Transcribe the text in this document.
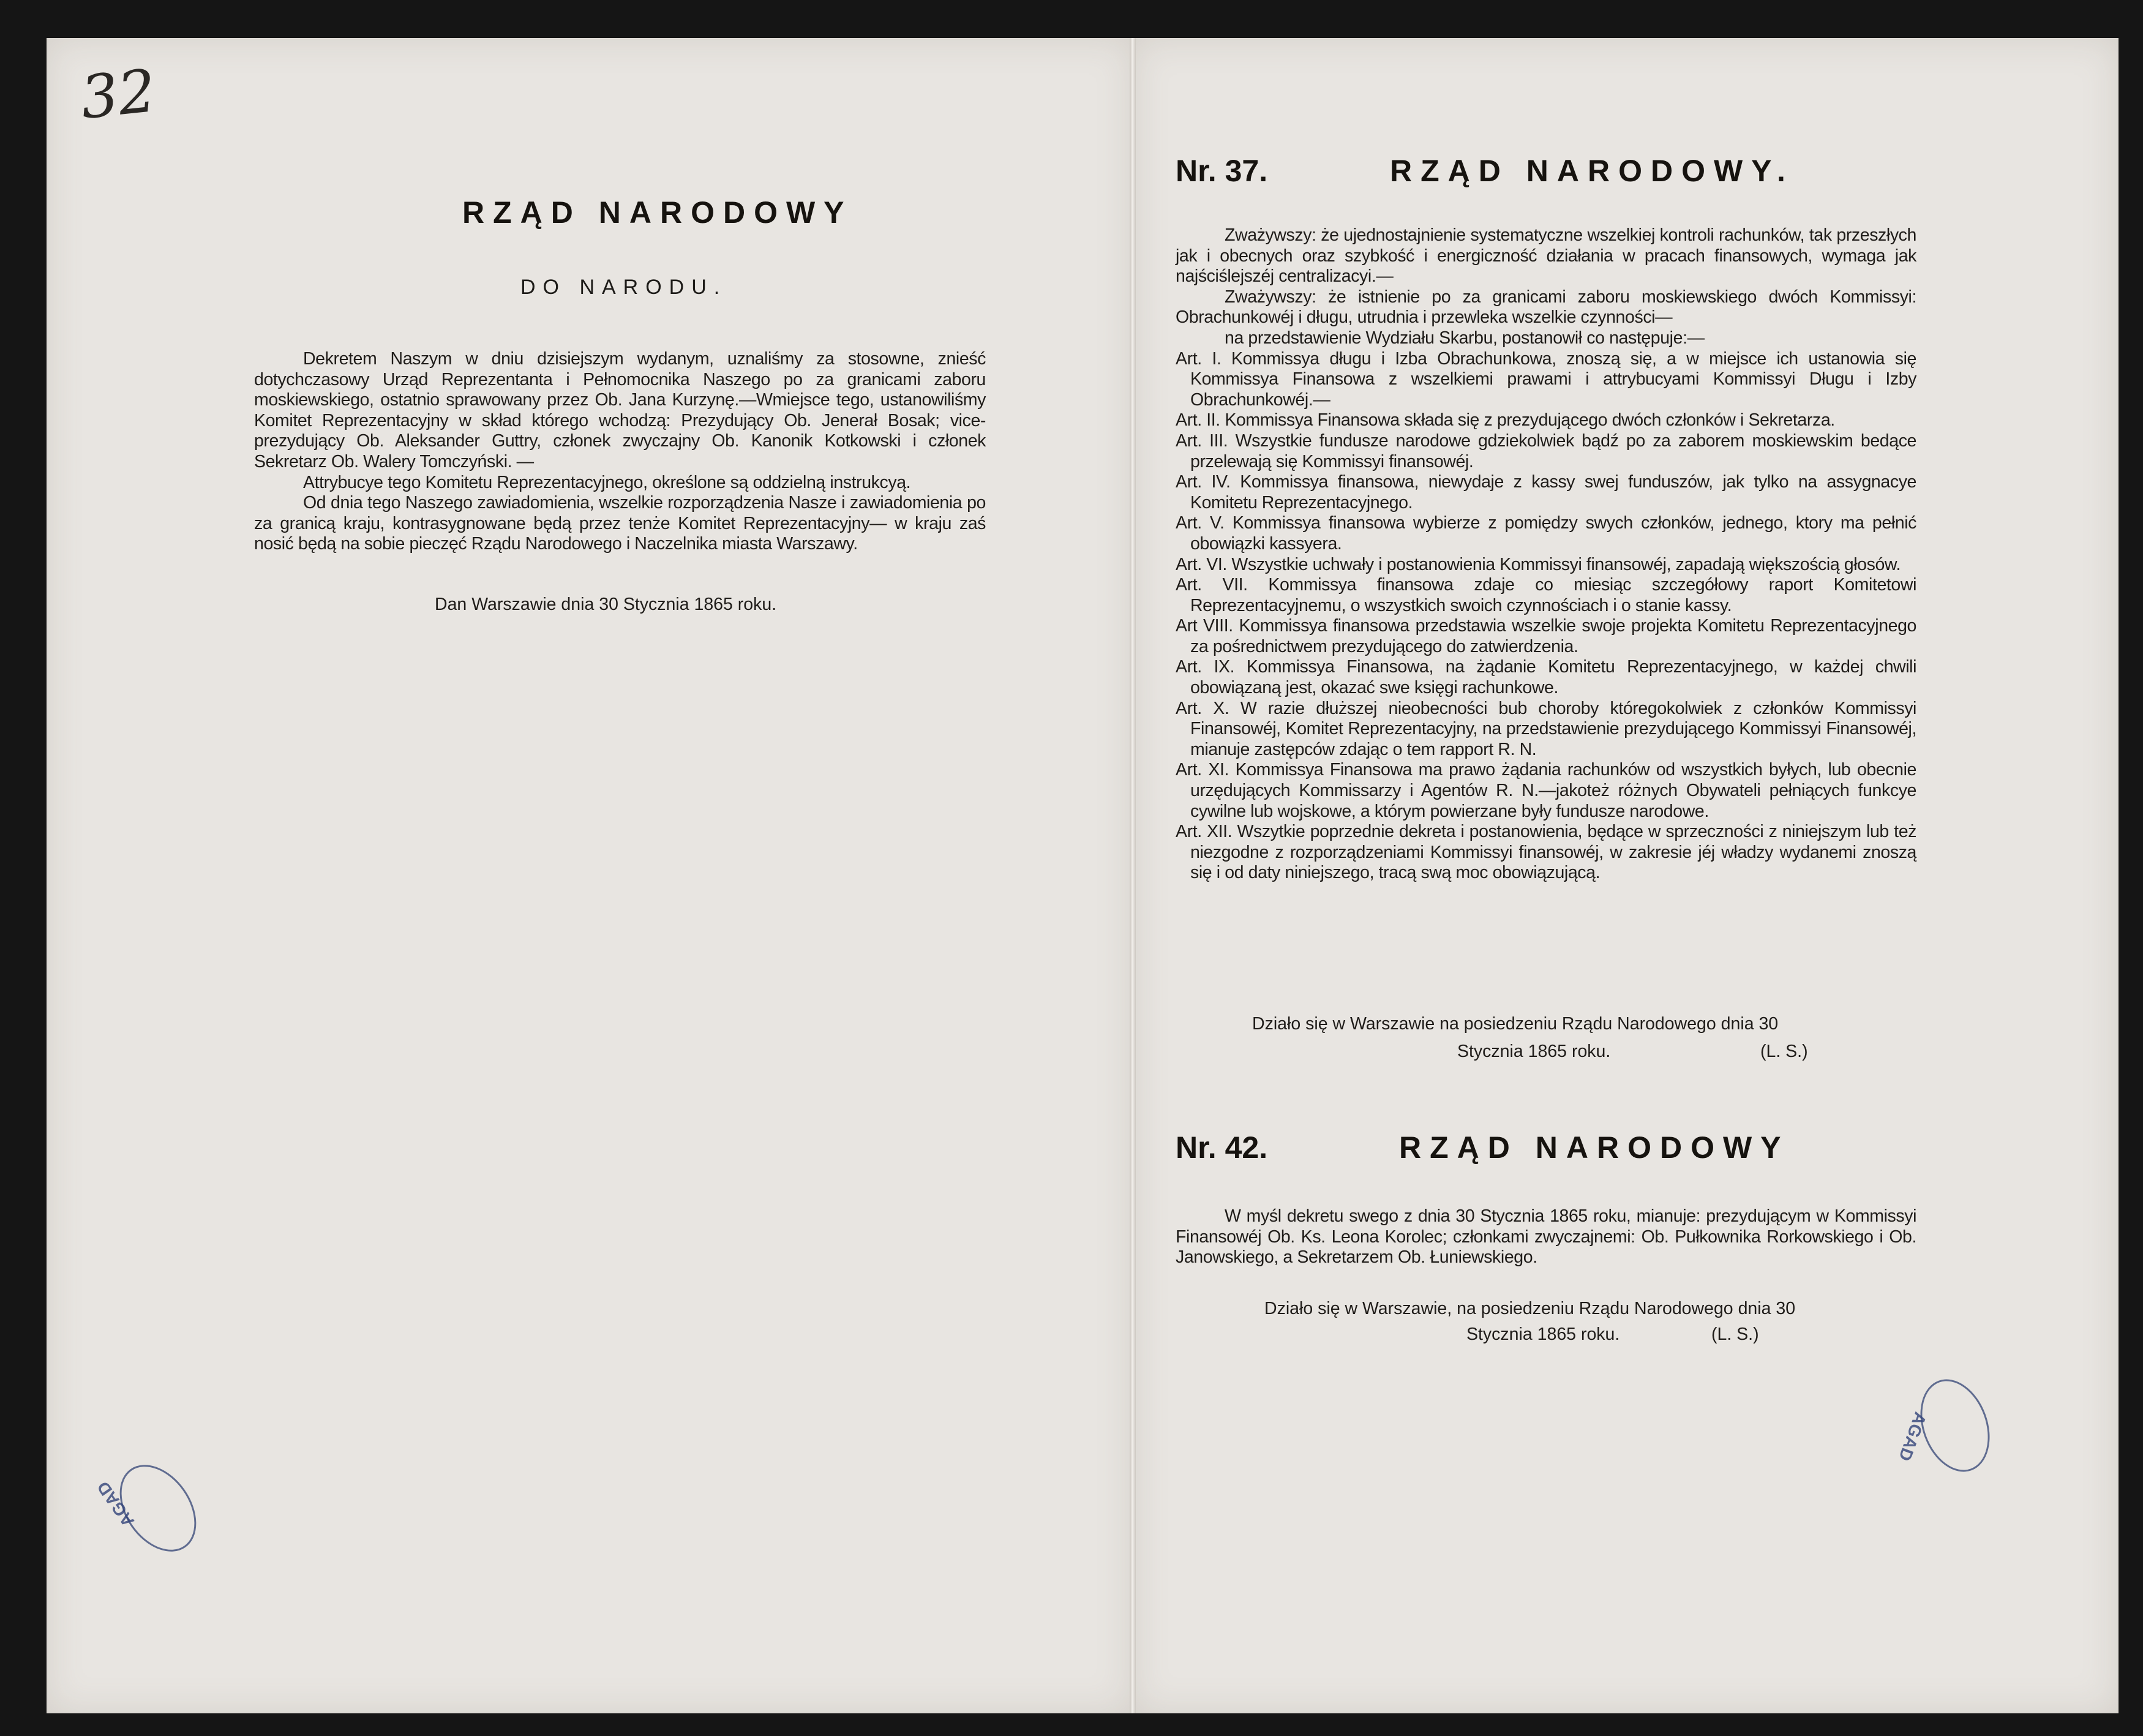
32
RZĄD NARODOWY
DO NARODU.

Dekretem Naszym w dniu dzisiejszym wydanym, uznaliśmy za stosowne, znieść dotychczasowy Urząd Reprezentanta i Pełnomocnika Naszego po za granicami zaboru moskiewskiego, ostatnio sprawowany przez Ob. Jana Kurzynę.—Wmiejsce tego, ustanowiliśmy Komitet Reprezentacyjny w skład którego wchodzą: Prezydujący Ob. Jenerał Bosak; vice-prezydujący Ob. Aleksander Guttry, członek zwyczajny Ob. Kanonik Kotkowski i członek Sekretarz Ob. Walery Tomczyński. —

Attrybucye tego Komitetu Reprezentacyjnego, określone są oddzielną instrukcyą.

Od dnia tego Naszego zawiadomienia, wszelkie rozporządzenia Nasze i zawiadomienia po za granicą kraju, kontrasygnowane będą przez tenże Komitet Reprezentacyjny— w kraju zaś nosić będą na sobie pieczęć Rządu Narodowego i Naczelnika miasta Warszawy.

Dan Warszawie dnia 30 Stycznia 1865 roku.
Nr. 37.	RZĄD NARODOWY.

Zważywszy: że ujednostajnienie systematyczne wszelkiej kontroli rachunków, tak przeszłych jak i obecnych oraz szybkość i energiczność działania w pracach finansowych, wymaga jak najściślejszéj centralizacyi.—

Zważywszy: że istnienie po za granicami zaboru moskiewskiego dwóch Kommissyi: Obrachunkowéj i długu, utrudnia i przewleka wszelkie czynności—

na przedstawienie Wydziału Skarbu, postanowił co następuje:—

Art. I. Kommissya długu i Izba Obrachunkowa, znoszą się, a w miejsce ich ustanowia się Kommissya Finansowa z wszelkiemi prawami i attrybucyami Kommissyi Długu i Izby Obrachunkowéj.—

Art. II. Kommissya Finansowa składa się z prezydującego dwóch członków i Sekretarza.

Art. III. Wszystkie fundusze narodowe gdziekolwiek bądź po za zaborem moskiewskim bedące przelewają się Kommissyi finansowéj.

Art. IV. Kommissya finansowa, niewydaje z kassy swej funduszów, jak tylko na assygnacye Komitetu Reprezentacyjnego.

Art. V. Kommissya finansowa wybierze z pomiędzy swych członków, jednego, ktory ma pełnić obowiązki kassyera.

Art. VI. Wszystkie uchwały i postanowienia Kommissyi finansowéj, zapadają większością głosów.

Art. VII. Kommissya finansowa zdaje co miesiąc szczegółowy raport Komitetowi Reprezentacyjnemu, o wszystkich swoich czynnościach i o stanie kassy.

Art VIII. Kommissya finansowa przedstawia wszelkie swoje projekta Komitetu Reprezentacyjnego za pośrednictwem prezydującego do zatwierdzenia.

Art. IX. Kommissya Finansowa, na żądanie Komitetu Reprezentacyjnego, w każdej chwili obowiązaną jest, okazać swe księgi rachunkowe.

Art. X. W razie dłuższej nieobecności bub choroby któregokolwiek z członków Kommissyi Finansowéj, Komitet Reprezentacyjny, na przedstawienie prezydującego Kommissyi Finansowéj, mianuje zastępców zdając o tem rapport R. N.

Art. XI. Kommissya Finansowa ma prawo żądania rachunków od wszystkich byłych, lub obecnie urzędujących Kommissarzy i Agentów R. N.—jakoteż różnych Obywateli pełniących funkcye cywilne lub wojskowe, a którym powierzane były fundusze narodowe.

Art. XII. Wszytkie poprzednie dekreta i postanowienia, będące w sprzeczności z niniejszym lub też niezgodne z rozporządzeniami Kommissyi finansowéj, w zakresie jéj władzy wydanemi znoszą się i od daty niniejszego, tracą swą moc obowiązującą.

Działo się w Warszawie na posiedzeniu Rządu Narodowego dnia 30
Stycznia 1865 roku.	(L. S.)
Nr. 42.	RZĄD NARODOWY

W myśl dekretu swego z dnia 30 Stycznia 1865 roku, mianuje: prezydującym w Kommissyi Finansowéj Ob. Ks. Leona Korolec; członkami zwyczajnemi: Ob. Pułkownika Rorkowskiego i Ob. Janowskiego, a Sekretarzem Ob. Łuniewskiego.

Działo się w Warszawie, na posiedzeniu Rządu Narodowego dnia 30
Stycznia 1865 roku.	(L. S.)
AGAD
AGAD
